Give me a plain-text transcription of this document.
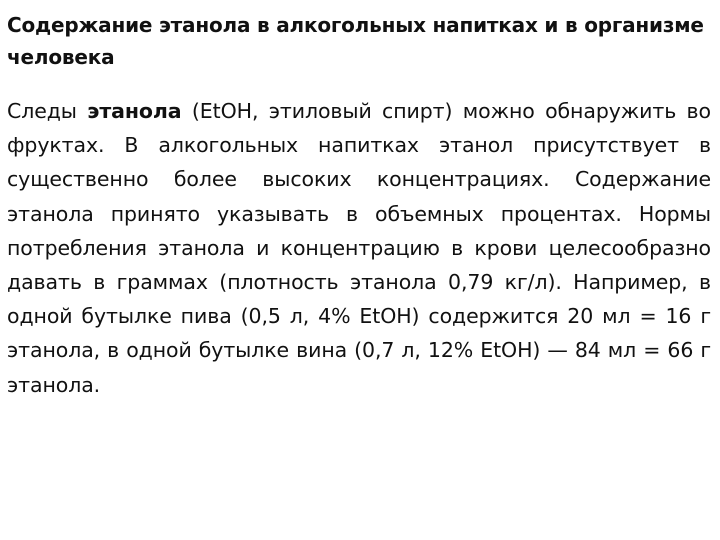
Содержание этанола в алкогольных напитках и в организме человека

Следы этанола (EtOH, этиловый спирт) можно обнаружить во фруктах. В алкогольных напитках этанол присутствует в существенно более высоких концентрациях. Содержание этанола принято указывать в объемных процентах. Нормы потребления этанола и концентрацию в крови целесообразно давать в граммах (плотность этанола 0,79 кг/л). Например, в одной бутылке пива (0,5 л, 4% EtOH) содержится 20 мл = 16 г этанола, в одной бутылке вина (0,7 л, 12% EtOH) — 84 мл = 66 г этанола.
